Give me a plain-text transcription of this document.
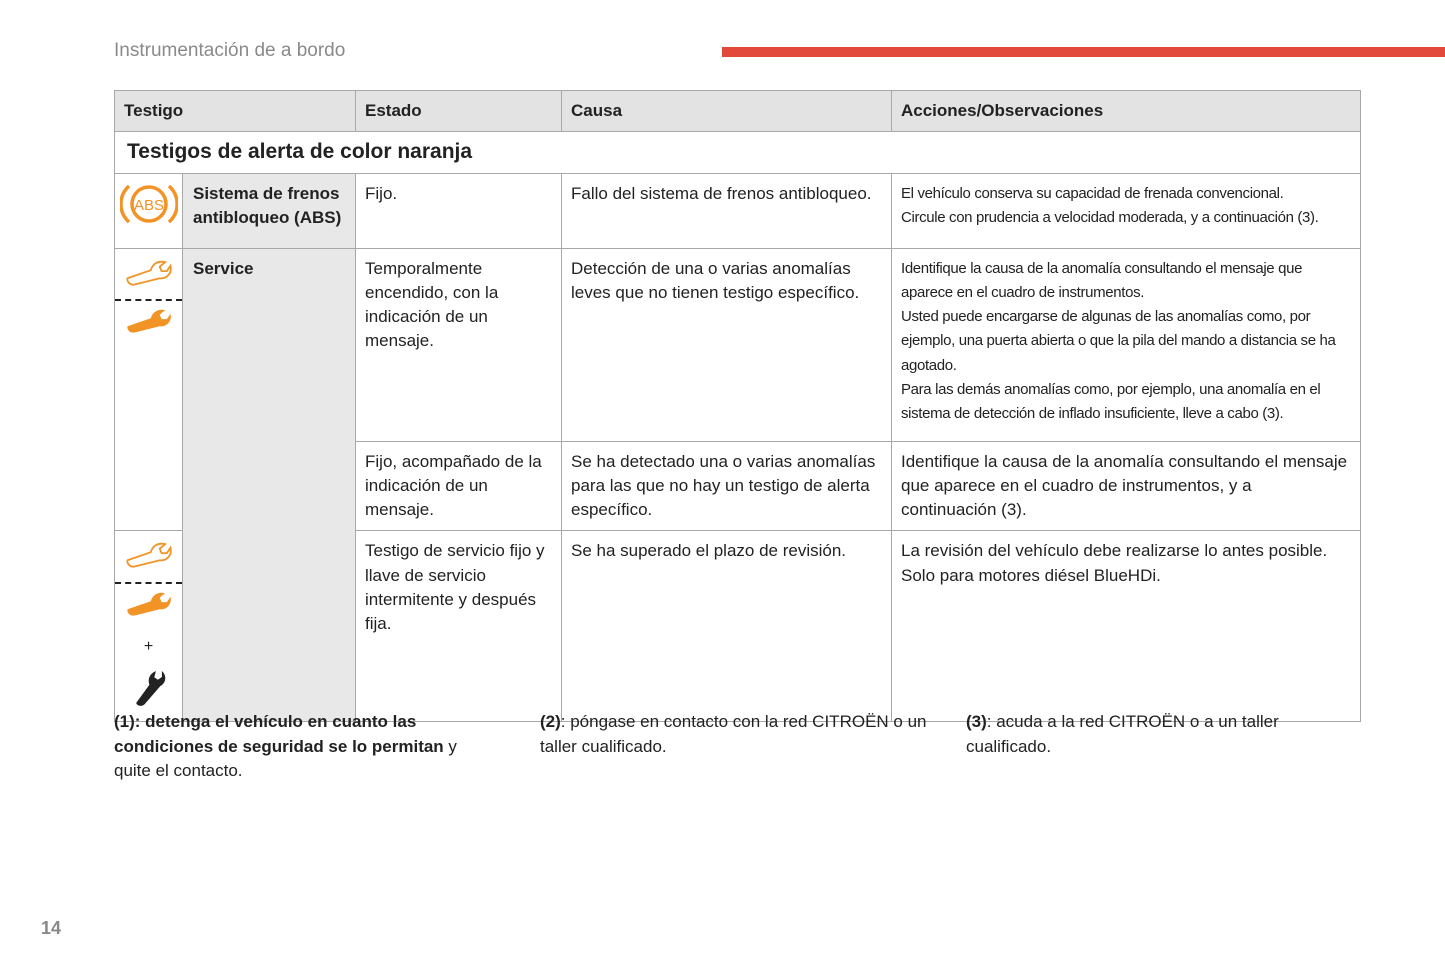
Instrumentación de a bordo
Testigo		Estado	Causa	Acciones/Observaciones
Testigos de alerta de color naranja				

ABS	Sistema de frenos antibloqueo (ABS)	Fijo.	Fallo del sistema de frenos antibloqueo.	El vehículo conserva su capacidad de frenada convencional.
Circule con prudencia a velocidad moderada, y a continuación (3).

	Service	Temporalmente encendido, con la indicación de un mensaje.	Detección de una o varias anomalías leves que no tienen testigo específico.	Identifique la causa de la anomalía consultando el mensaje que aparece en el cuadro de instrumentos.
Usted puede encargarse de algunas de las anomalías como, por ejemplo, una puerta abierta o que la pila del mando a distancia se ha agotado.
Para las demás anomalías como, por ejemplo, una anomalía en el sistema de detección de inflado insuficiente, lleve a cabo (3).

		Fijo, acompañado de la indicación de un mensaje.	Se ha detectado una o varias anomalías para las que no hay un testigo de alerta específico.	Identifique la causa de la anomalía consultando el mensaje que aparece en el cuadro de instrumentos, y a continuación (3).

+		Testigo de servicio fijo y llave de servicio intermitente y después fija.	Se ha superado el plazo de revisión.	La revisión del vehículo debe realizarse lo antes posible.
Solo para motores diésel BlueHDi.
(1): detenga el vehículo en cuanto las condiciones de seguridad se lo permitan y quite el contacto.
(2): póngase en contacto con la red CITROËN o un taller cualificado.
(3): acuda a la red CITROËN o a un taller cualificado.
14
